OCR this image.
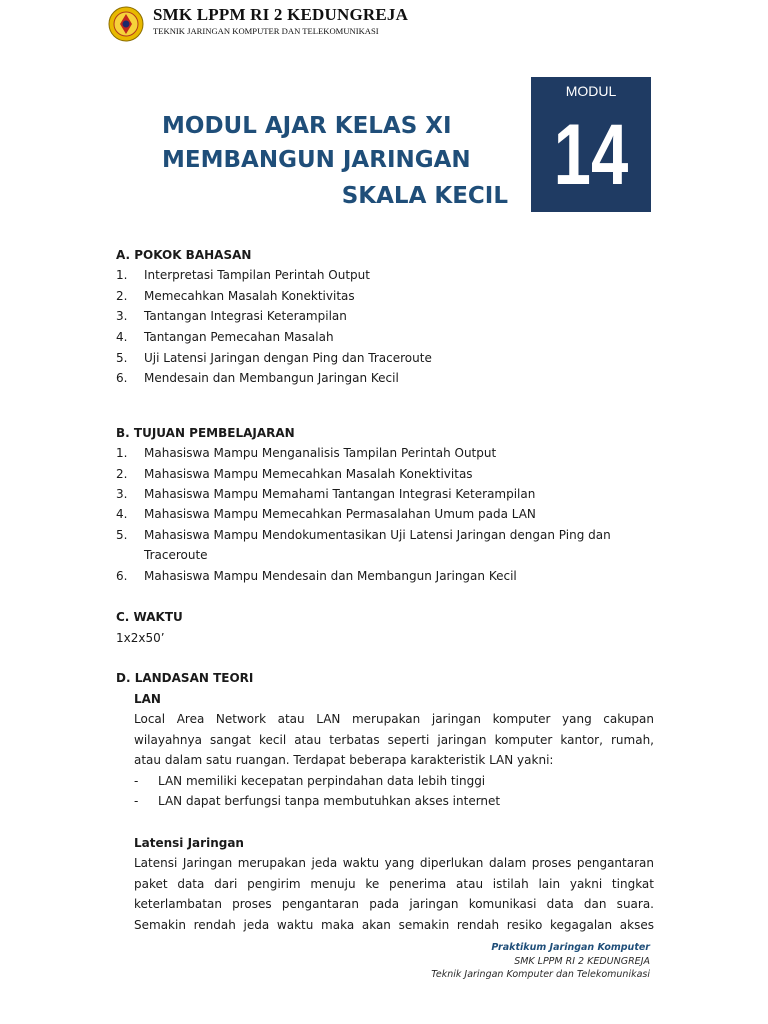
SMK LPPM RI 2 KEDUNGREJA
TEKNIK JARINGAN KOMPUTER DAN TELEKOMUNIKASI
MODUL AJAR KELAS XI
MEMBANGUN JARINGAN
SKALA KECIL
MODUL
14
A. POKOK BAHASAN
1. Interpretasi Tampilan Perintah Output
2. Memecahkan Masalah Konektivitas
3. Tantangan Integrasi Keterampilan
4. Tantangan Pemecahan Masalah
5. Uji Latensi Jaringan dengan Ping dan Traceroute
6. Mendesain dan Membangun Jaringan Kecil
B. TUJUAN PEMBELAJARAN
1. Mahasiswa Mampu Menganalisis Tampilan Perintah Output
2. Mahasiswa Mampu Memecahkan Masalah Konektivitas
3. Mahasiswa Mampu Memahami Tantangan Integrasi Keterampilan
4. Mahasiswa Mampu Memecahkan Permasalahan Umum pada LAN
5. Mahasiswa Mampu Mendokumentasikan Uji Latensi Jaringan dengan Ping dan
Traceroute
6. Mahasiswa Mampu Mendesain dan Membangun Jaringan Kecil
C. WAKTU
1x2x50’
D. LANDASAN TEORI
LAN
Local Area Network atau LAN merupakan jaringan komputer yang cakupan
wilayahnya sangat kecil atau terbatas seperti jaringan komputer kantor, rumah,
atau dalam satu ruangan. Terdapat beberapa karakteristik LAN yakni:
- LAN memiliki kecepatan perpindahan data lebih tinggi
- LAN dapat berfungsi tanpa membutuhkan akses internet
Latensi Jaringan
Latensi Jaringan merupakan jeda waktu yang diperlukan dalam proses pengantaran
paket data dari pengirim menuju ke penerima atau istilah lain yakni tingkat
keterlambatan proses pengantaran pada jaringan komunikasi data dan suara.
Semakin rendah jeda waktu maka akan semakin rendah resiko kegagalan akses
Praktikum Jaringan Komputer
SMK LPPM RI 2 KEDUNGREJA
Teknik Jaringan Komputer dan Telekomunikasi
